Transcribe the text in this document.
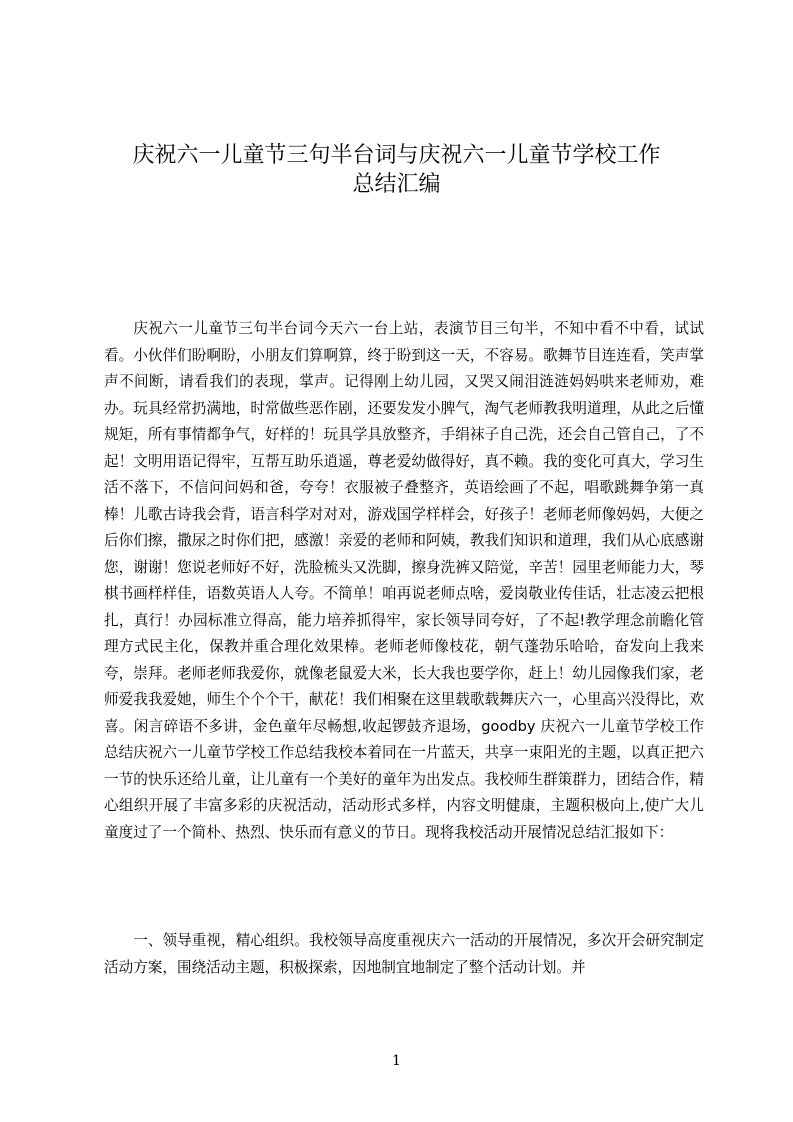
庆祝六一儿童节三句半台词与庆祝六一儿童节学校工作
总结汇编

庆祝六一儿童节三句半台词今天六一台上站，表演节目三句半，不知中看不中看，试试看。小伙伴们盼啊盼，小朋友们算啊算，终于盼到这一天，不容易。歌舞节目连连看，笑声掌声不间断，请看我们的表现，掌声。记得刚上幼儿园，又哭又闹泪涟涟妈妈哄来老师劝，难办。玩具经常扔满地，时常做些恶作剧，还要发发小脾气，淘气老师教我明道理，从此之后懂规矩，所有事情都争气，好样的！玩具学具放整齐，手绢袜子自己洗，还会自己管自己，了不起！文明用语记得牢，互帮互助乐逍遥，尊老爱幼做得好，真不赖。我的变化可真大，学习生活不落下，不信问问妈和爸，夸夸！衣服被子叠整齐，英语绘画了不起，唱歌跳舞争第一真棒！儿歌古诗我会背，语言科学对对对，游戏国学样样会，好孩子！老师老师像妈妈，大便之后你们擦，撒尿之时你们把，感激！亲爱的老师和阿姨，教我们知识和道理，我们从心底感谢您，谢谢！您说老师好不好，洗脸梳头又洗脚，擦身洗裤又陪觉，辛苦！园里老师能力大，琴棋书画样样佳，语数英语人人夸。不简单！咱再说老师点啥，爱岗敬业传佳话，壮志凌云把根扎，真行！办园标准立得高，能力培养抓得牢，家长领导同夸好，了不起!教学理念前瞻化管理方式民主化，保教并重合理化效果棒。老师老师像枝花，朝气蓬勃乐哈哈，奋发向上我来夸，崇拜。老师老师我爱你，就像老鼠爱大米，长大我也要学你，赶上！幼儿园像我们家，老师爱我我爱她，师生个个个干，献花！我们相聚在这里载歌载舞庆六一，心里高兴没得比，欢喜。闲言碎语不多讲，金色童年尽畅想,收起锣鼓齐退场，goodby 庆祝六一儿童节学校工作总结庆祝六一儿童节学校工作总结我校本着同在一片蓝天，共享一束阳光的主题，以真正把六一节的快乐还给儿童，让儿童有一个美好的童年为出发点。我校师生群策群力，团结合作，精心组织开展了丰富多彩的庆祝活动，活动形式多样，内容文明健康，主题积极向上,使广大儿童度过了一个简朴、热烈、快乐而有意义的节日。现将我校活动开展情况总结汇报如下：

一、领导重视，精心组织。我校领导高度重视庆六一活动的开展情况，多次开会研究制定活动方案，围绕活动主题，积极探索，因地制宜地制定了整个活动计划。并

1
